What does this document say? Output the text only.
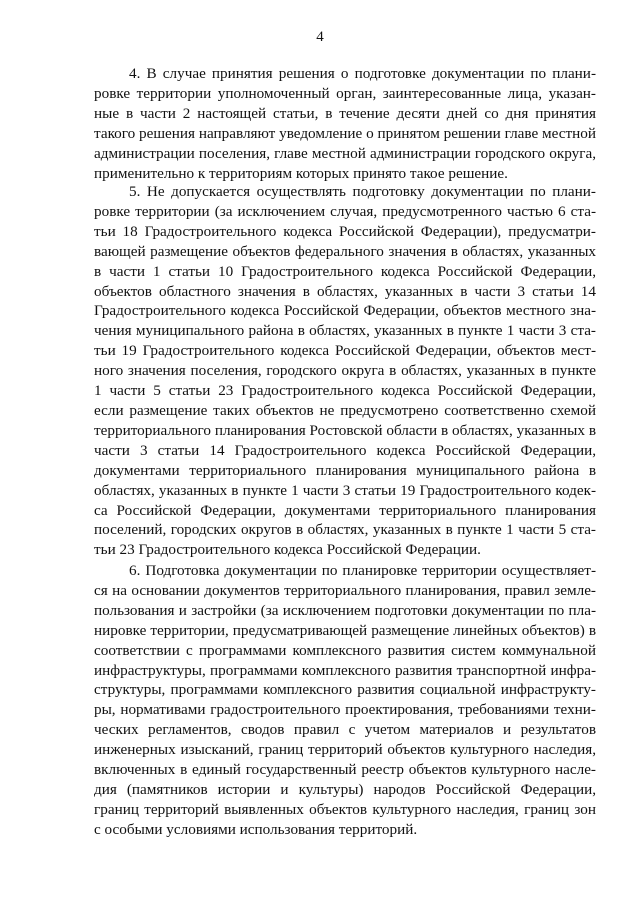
4
4. В случае принятия решения о подготовке документации по плани-
ровке территории уполномоченный орган, заинтересованные лица, указан-
ные в части 2 настоящей статьи, в течение десяти дней со дня принятия
такого решения направляют уведомление о принятом решении главе местной
администрации поселения, главе местной администрации городского округа,
применительно к территориям которых принято такое решение.
5. Не допускается осуществлять подготовку документации по плани-
ровке территории (за исключением случая, предусмотренного частью 6 ста-
тьи 18 Градостроительного кодекса Российской Федерации), предусматри-
вающей размещение объектов федерального значения в областях, указанных
в части 1 статьи 10 Градостроительного кодекса Российской Федерации,
объектов областного значения в областях, указанных в части 3 статьи 14
Градостроительного кодекса Российской Федерации, объектов местного зна-
чения муниципального района в областях, указанных в пункте 1 части 3 ста-
тьи 19 Градостроительного кодекса Российской Федерации, объектов мест-
ного значения поселения, городского округа в областях, указанных в пункте
1 части 5 статьи 23 Градостроительного кодекса Российской Федерации,
если размещение таких объектов не предусмотрено соответственно схемой
территориального планирования Ростовской области в областях, указанных в
части 3 статьи 14 Градостроительного кодекса Российской Федерации,
документами территориального планирования муниципального района в
областях, указанных в пункте 1 части 3 статьи 19 Градостроительного кодек-
са Российской Федерации, документами территориального планирования
поселений, городских округов в областях, указанных в пункте 1 части 5 ста-
тьи 23 Градостроительного кодекса Российской Федерации.
6. Подготовка документации по планировке территории осуществляет-
ся на основании документов территориального планирования, правил земле-
пользования и застройки (за исключением подготовки документации по пла-
нировке территории, предусматривающей размещение линейных объектов) в
соответствии с программами комплексного развития систем коммунальной
инфраструктуры, программами комплексного развития транспортной инфра-
структуры, программами комплексного развития социальной инфраструкту-
ры, нормативами градостроительного проектирования, требованиями техни-
ческих регламентов, сводов правил с учетом материалов и результатов
инженерных изысканий, границ территорий объектов культурного наследия,
включенных в единый государственный реестр объектов культурного насле-
дия (памятников истории и культуры) народов Российской Федерации,
границ территорий выявленных объектов культурного наследия, границ зон
с особыми условиями использования территорий.
